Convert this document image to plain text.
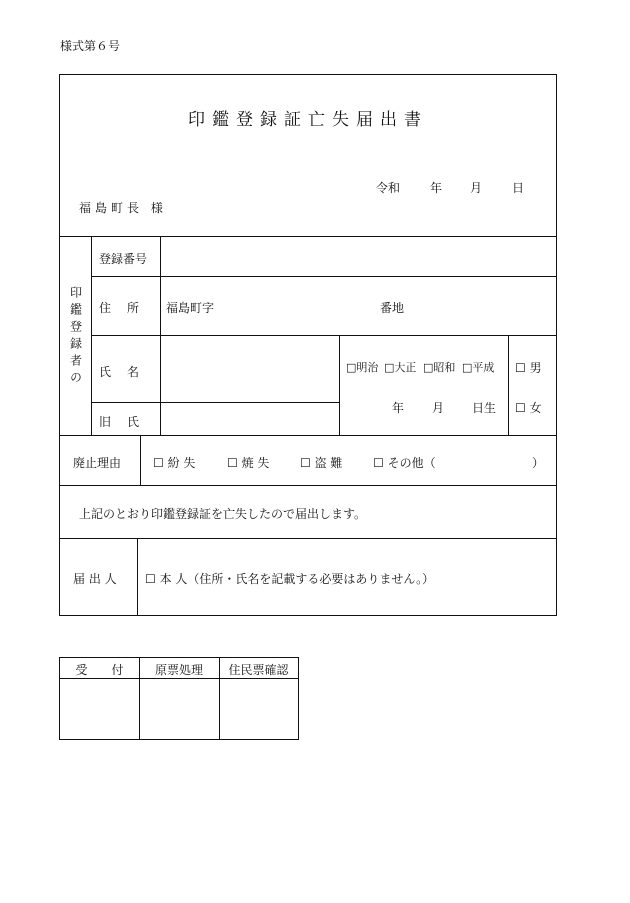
様式第６号
印鑑登録証亡失届出書
令和 年 月 日
福島町長 様
印鑑登録者の
登録番号
住　所 福島町字	番地
氏　名
旧　氏
□明治 □大正 □昭和 □平成
年 月 日生
☐ 男
☐ 女
廃止理由	☐ 紛 失	☐ 焼 失	☐ 盗 難	☐ その他（	）
上記のとおり印鑑登録証を亡失したので届出します。
届 出 人 ☐ 本 人（住所・氏名を記載する必要はありません。）
受　　付	原票処理	住民票確認
